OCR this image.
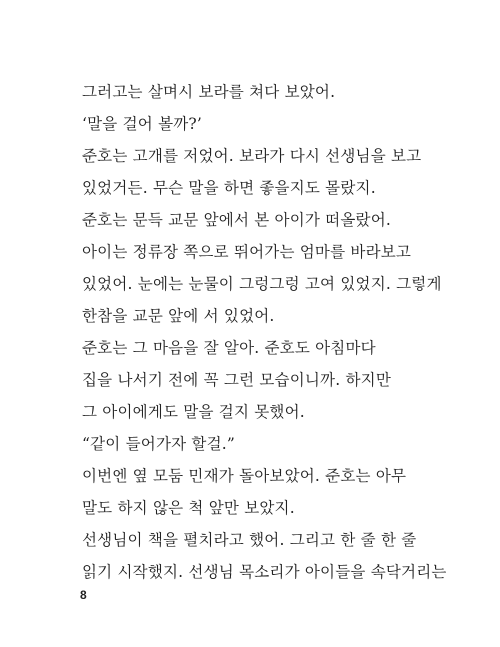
그러고는 살며시 보라를 쳐다 보았어.

‘말을 걸어 볼까?’

준호는 고개를 저었어. 보라가 다시 선생님을 보고

있었거든. 무슨 말을 하면 좋을지도 몰랐지.

준호는 문득 교문 앞에서 본 아이가 떠올랐어.

아이는 정류장 쪽으로 뛰어가는 엄마를 바라보고

있었어. 눈에는 눈물이 그렁그렁 고여 있었지. 그렇게

한참을 교문 앞에 서 있었어.

준호는 그 마음을 잘 알아. 준호도 아침마다

집을 나서기 전에 꼭 그런 모습이니까. 하지만

그 아이에게도 말을 걸지 못했어.

“같이 들어가자 할걸.”

이번엔 옆 모둠 민재가 돌아보았어. 준호는 아무

말도 하지 않은 척 앞만 보았지.

선생님이 책을 펼치라고 했어. 그리고 한 줄 한 줄

읽기 시작했지. 선생님 목소리가 아이들을 속닥거리는

8
